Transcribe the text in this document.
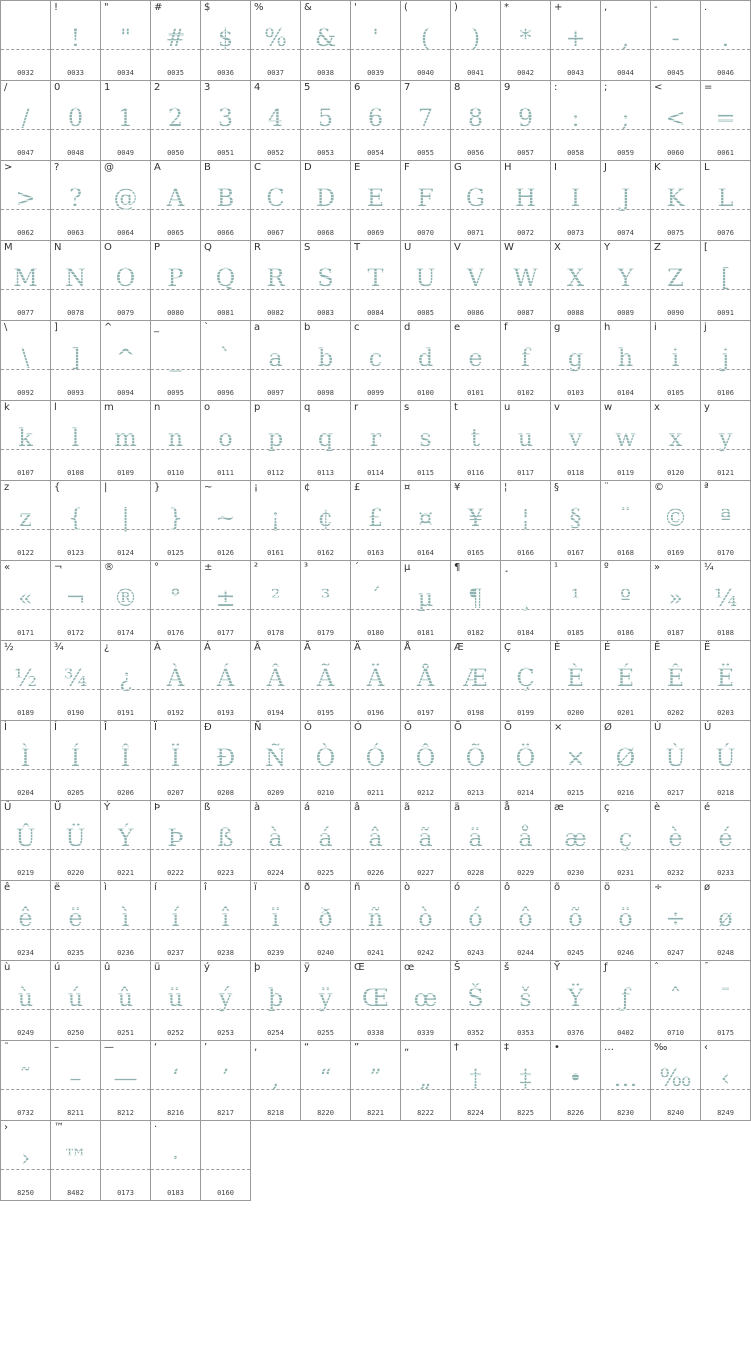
0032
!
!
0033
"
"
0034
#
#
0035
$
$
0036
%
%
0037
&
&
0038
'
'
0039
(
(
0040
)
)
0041
*
*
0042
+
+
0043
,
,
0044
-
-
0045
.
.
0046
/
/
0047
0
0
0048
1
1
0049
2
2
0050
3
3
0051
4
4
0052
5
5
0053
6
6
0054
7
7
0055
8
8
0056
9
9
0057
:
:
0058
;
;
0059
<
<
0060
=
=
0061
>
>
0062
?
?
0063
@
@
0064
A
A
0065
B
B
0066
C
C
0067
D
D
0068
E
E
0069
F
F
0070
G
G
0071
H
H
0072
I
I
0073
J
J
0074
K
K
0075
L
L
0076
M
M
0077
N
N
0078
O
O
0079
P
P
0080
Q
Q
0081
R
R
0082
S
S
0083
T
T
0084
U
U
0085
V
V
0086
W
W
0087
X
X
0088
Y
Y
0089
Z
Z
0090
[
[
0091
\
\
0092
]
]
0093
^
^
0094
_
_
0095
`
`
0096
a
a
0097
b
b
0098
c
c
0099
d
d
0100
e
e
0101
f
f
0102
g
g
0103
h
h
0104
i
i
0105
j
j
0106
k
k
0107
l
l
0108
m
m
0109
n
n
0110
o
o
0111
p
p
0112
q
q
0113
r
r
0114
s
s
0115
t
t
0116
u
u
0117
v
v
0118
w
w
0119
x
x
0120
y
y
0121
z
z
0122
{
{
0123
|
|
0124
}
}
0125
~
~
0126
¡
¡
0161
¢
¢
0162
£
£
0163
¤
¤
0164
¥
¥
0165
¦
¦
0166
§
§
0167
¨
¨
0168
©
©
0169
ª
ª
0170
«
«
0171
¬
¬
0172
®
®
0174
°
°
0176
±
±
0177
²
²
0178
³
³
0179
´
´
0180
µ
µ
0181
¶
¶
0182
¸
¸
0184
¹
¹
0185
º
º
0186
»
»
0187
¼
¼
0188
½
½
0189
¾
¾
0190
¿
¿
0191
À
À
0192
Á
Á
0193
Â
Â
0194
Ã
Ã
0195
Ä
Ä
0196
Å
Å
0197
Æ
Æ
0198
Ç
Ç
0199
È
È
0200
É
É
0201
Ê
Ê
0202
Ë
Ë
0203
Ì
Ì
0204
Í
Í
0205
Î
Î
0206
Ï
Ï
0207
Ð
Ð
0208
Ñ
Ñ
0209
Ò
Ò
0210
Ó
Ó
0211
Ô
Ô
0212
Õ
Õ
0213
Ö
Ö
0214
×
×
0215
Ø
Ø
0216
Ù
Ù
0217
Ú
Ú
0218
Û
Û
0219
Ü
Ü
0220
Ý
Ý
0221
Þ
Þ
0222
ß
ß
0223
à
à
0224
á
á
0225
â
â
0226
ã
ã
0227
ä
ä
0228
å
å
0229
æ
æ
0230
ç
ç
0231
è
è
0232
é
é
0233
ê
ê
0234
ë
ë
0235
ì
ì
0236
í
í
0237
î
î
0238
ï
ï
0239
ð
ð
0240
ñ
ñ
0241
ò
ò
0242
ó
ó
0243
ô
ô
0244
õ
õ
0245
ö
ö
0246
÷
÷
0247
ø
ø
0248
ù
ù
0249
ú
ú
0250
û
û
0251
ü
ü
0252
ý
ý
0253
þ
þ
0254
ÿ
ÿ
0255
Œ
Œ
0338
œ
œ
0339
Š
Š
0352
š
š
0353
Ÿ
Ÿ
0376
ƒ
ƒ
0402
ˆ
ˆ
0710
¯
¯
0175
˜
˜
0732
–
–
8211
—
—
8212
‘
‘
8216
’
’
8217
‚
‚
8218
“
“
8220
”
”
8221
„
„
8222
†
†
8224
‡
‡
8225
•
•
8226
…
…
8230
‰
‰
8240
‹
‹
8249
›
›
8250
™
™
8482	0173
·
·
0183

	0160
